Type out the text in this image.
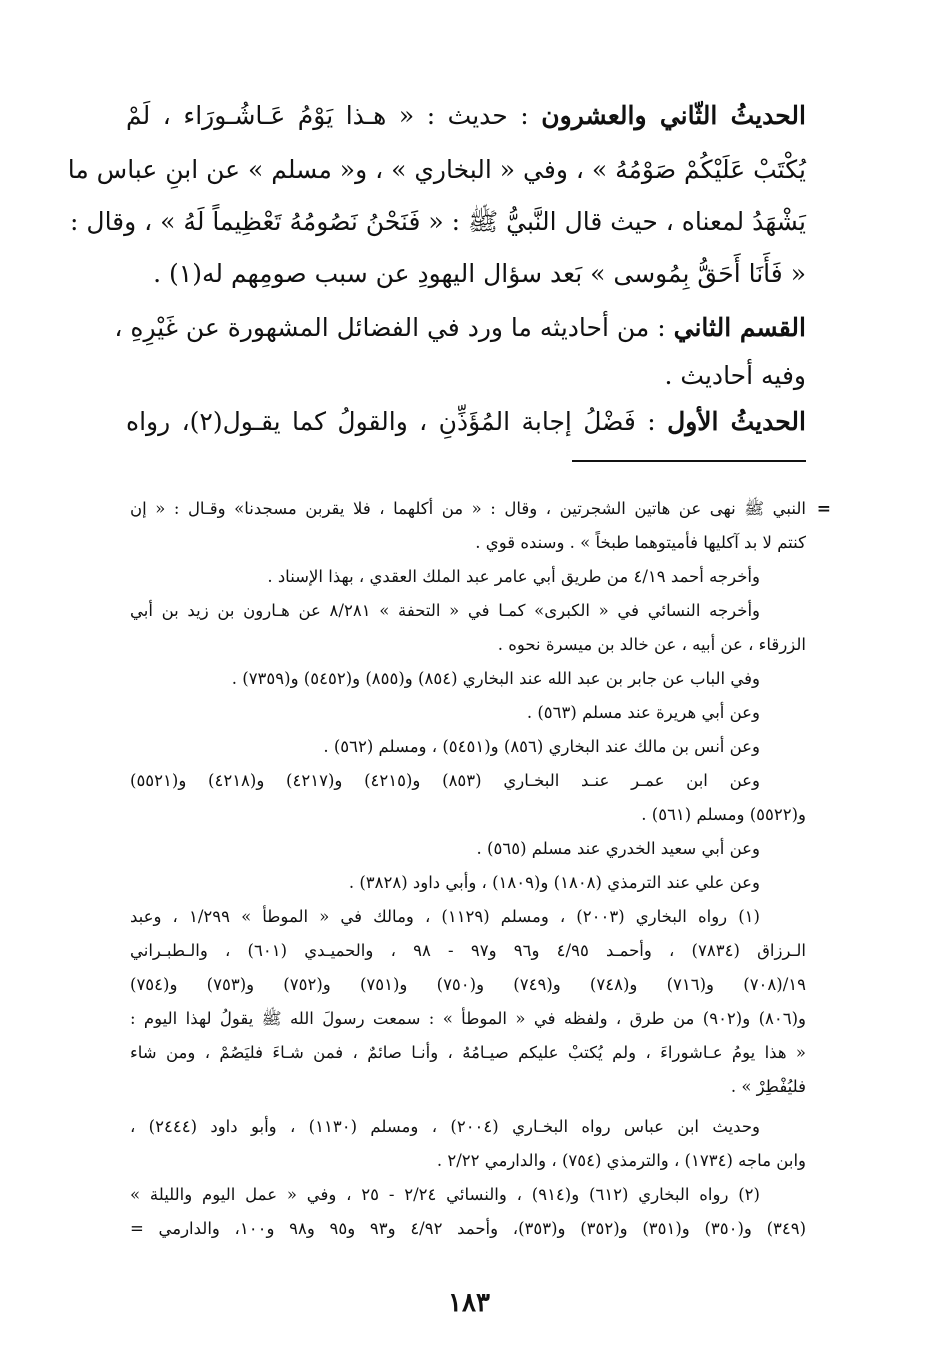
الحديثُ الثّاني والعشرون : حديث : « هـذا يَوْمُ عَـاشُـورَاء ، لَمْ
يُكْتَبْ عَلَيْكُمْ صَوْمُهُ » ، وفي « البخاري » ، و« مسلم » عن ابنِ عباس ما
يَشْهَدُ لمعناه ، حيث قال النَّبيُّ ﷺ : « فَنَحْنُ نَصُومُهُ تَعْظِيماً لَهُ » ، وقال :
« فَأَنَا أَحَقُّ بِمُوسى » بَعد سؤال اليهودِ عن سبب صومِهم له(١) .
القسم الثاني : من أحاديثه ما ورد في الفضائل المشهورة عن غَيْرِهِ ،
وفيه أحاديث .
الحديثُ الأول : فَضْلُ إجابة المُؤَذِّنِ ، والقولُ كما يقـول(٢)، رواه
=
النبي ﷺ نهى عن هاتين الشجرتين ، وقال : « من أكلهما ، فلا يقربن مسجدنا» وقـال : « إن
كنتم لا بد آكليها فأميتوهما طبخاً » . وسنده قوي .
وأخرجه أحمد ٤/١٩ من طريق أبي عامر عبد الملك العقدي ، بهذا الإسناد .
وأخرجه النسائي في « الكبرى» كمـا في « التحفة » ٨/٢٨١ عن هـارون بن زيد بن أبي
الزرقاء ، عن أبيه ، عن خالد بن ميسرة نحوه .
وفي الباب عن جابر بن عبد الله عند البخاري (٨٥٤) و(٨٥٥) و(٥٤٥٢) و(٧٣٥٩) .
وعن أبي هريرة عند مسلم (٥٦٣) .
وعن أنس بن مالك عند البخاري (٨٥٦) و(٥٤٥١) ، ومسلم (٥٦٢) .
وعن ابن عمـر عنـد البخـاري (٨٥٣) و(٤٢١٥) و(٤٢١٧) و(٤٢١٨) و(٥٥٢١)
و(٥٥٢٢) ومسلم (٥٦١) .
وعن أبي سعيد الخدري عند مسلم (٥٦٥) .
وعن علي عند الترمذي (١٨٠٨) و(١٨٠٩) ، وأبي داود (٣٨٢٨) .
(١) رواه البخاري (٢٠٠٣) ، ومسلم (١١٢٩) ، ومالك في « الموطأ » ١/٢٩٩ ، وعبد
الـرزاق (٧٨٣٤) ، وأحمـد ٤/٩٥ و٩٦ و٩٧ - ٩٨ ، والحميـدي (٦٠١) ، والـطبـراني
١٩/(٧٠٨) و(٧١٦) و(٧٤٨) و(٧٤٩) و(٧٥٠) و(٧٥١) و(٧٥٢) و(٧٥٣) و(٧٥٤)
و(٨٠٦) و(٩٠٢) من طرق ، ولفظه في « الموطأ » : سمعت رسولَ الله ﷺ يقولُ لهذا اليوم :
« هذا يومُ عـاشوراءَ ، ولم يُكتبْ عليكم صيـامُهُ ، وأنـا صائمٌ ، فمن شـاءَ فليَصُمْ ، ومن شاء
فليُفْطِرْ » .
وحديث ابن عباس رواه البخـاري (٢٠٠٤) ، ومسلم (١١٣٠) ، وأبو داود (٢٤٤٤) ،
وابن ماجه (١٧٣٤) ، والترمذي (٧٥٤) ، والدارمي ٢/٢٢ .
(٢) رواه البخاري (٦١٢) و(٩١٤) ، والنسائي ٢/٢٤ - ٢٥ ، وفي « عمل اليوم والليلة »
(٣٤٩) و(٣٥٠) و(٣٥١) و(٣٥٢) و(٣٥٣)، وأحمد ٤/٩٢ و٩٣ و٩٥ و٩٨ و١٠٠، والدارمي =
١٨٣
